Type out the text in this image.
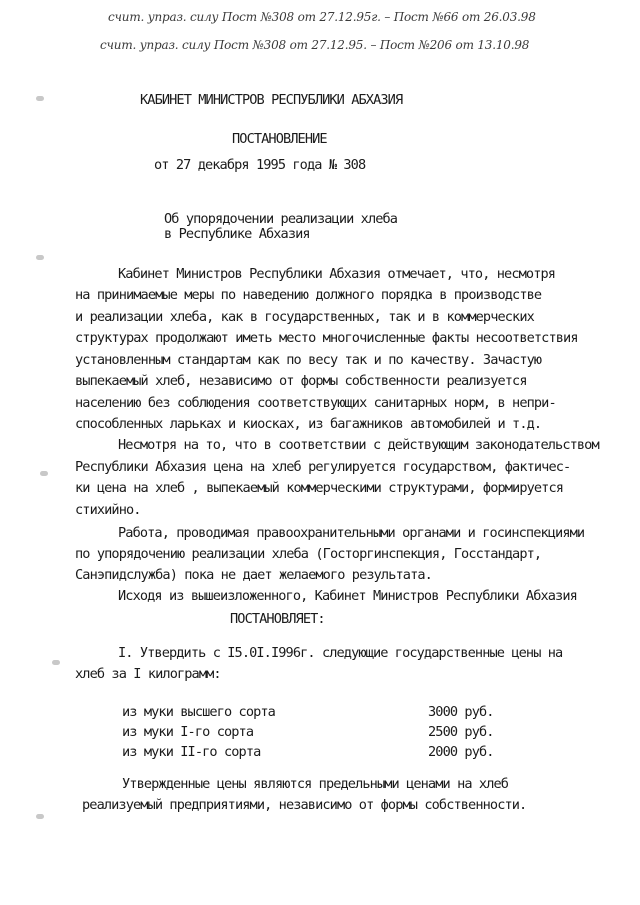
счит. упраз. силу Пост №308 от 27.12.95г. – Пост №66 от 26.03.98
счит. упраз. силу Пост №308 от 27.12.95. – Пост №206 от 13.10.98
КАБИНЕТ МИНИСТРОВ РЕСПУБЛИКИ АБХАЗИЯ
ПОСТАНОВЛЕНИЕ
от 27 декабря 1995 года № 308
Об упорядочении реализации хлеба
в Республике Абхазия
Кабинет Министров Республики Абхазия отмечает, что, несмотря
на принимаемые меры по наведению должного порядка в производстве
и реализации хлеба, как в государственных, так и в коммерческих
структурах продолжают иметь место многочисленные факты несоответствия
установленным стандартам как по весу так и по качеству. Зачастую
выпекаемый хлеб, независимо от формы собственности реализуется
населению без соблюдения соответствующих санитарных норм, в непри-
способленных ларьках и киосках, из багажников автомобилей и т.д.
Несмотря на то, что в соответствии с действующим законодательством
Республики Абхазия цена на хлеб регулируется государством, фактичес-
ки цена на хлеб , выпекаемый коммерческими структурами, формируется
стихийно.
Работа, проводимая правоохранительными органами и госинспекциями
по упорядочению реализации хлеба (Госторгинспекция, Госстандарт,
Санэпидслужба) пока не дает желаемого результата.
Исходя из вышеизложенного, Кабинет Министров Республики Абхазия
ПОСТАНОВЛЯЕТ:
I. Утвердить с I5.0I.I996г. следующие государственные цены на
хлеб за I килограмм:
из муки высшего сорта	3000 руб.
из муки I-го сорта	2500 руб.
из муки II-го сорта	2000 руб.
Утвержденные цены являются предельными ценами на хлеб
реализуемый предприятиями, независимо от формы собственности.
